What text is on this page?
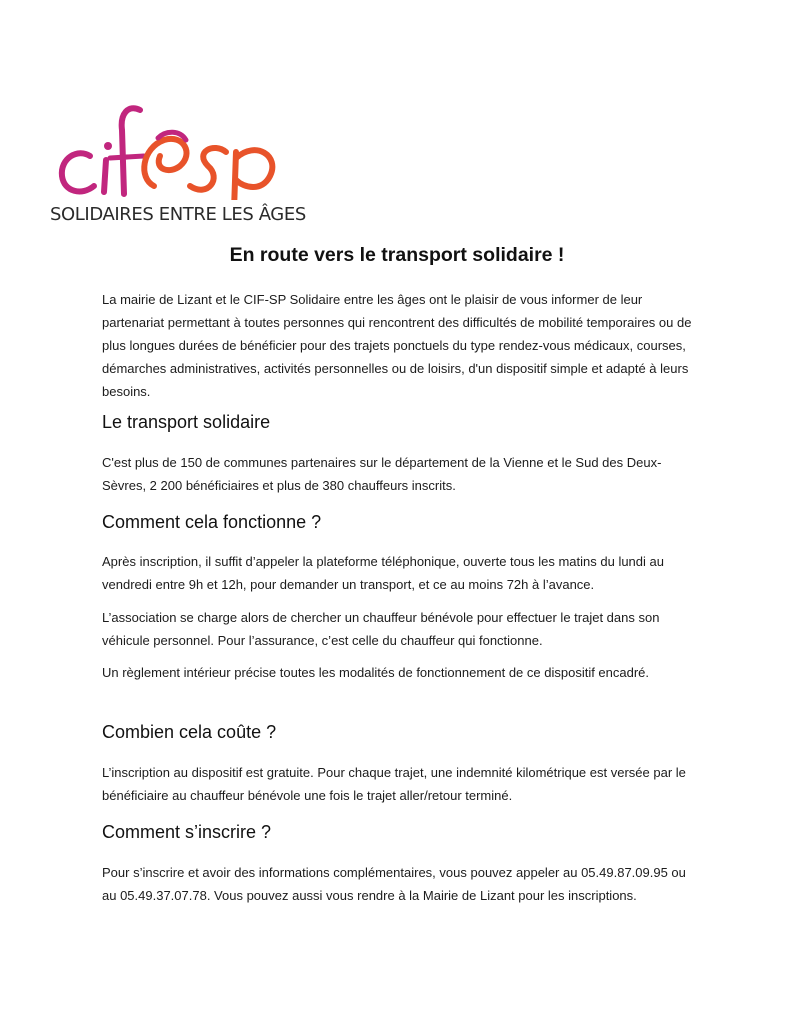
SOLIDAIRES ENTRE LES ÂGES
En route vers le transport solidaire !

La mairie de Lizant et le CIF-SP Solidaire entre les âges ont le plaisir de vous informer de leur partenariat permettant à toutes personnes qui rencontrent des difficultés de mobilité temporaires ou de plus longues durées de bénéficier pour des trajets ponctuels du type rendez-vous médicaux, courses, démarches administratives, activités personnelles ou de loisirs, d'un dispositif simple et adapté à leurs besoins.

Le transport solidaire

C'est plus de 150 de communes partenaires sur le département de la Vienne et le Sud des Deux-Sèvres, 2 200 bénéficiaires et plus de 380 chauffeurs inscrits.

Comment cela fonctionne ?

Après inscription, il suffit d’appeler la plateforme téléphonique, ouverte tous les matins du lundi au vendredi entre 9h et 12h, pour demander un transport, et ce au moins 72h à l’avance.

L’association se charge alors de chercher un chauffeur bénévole pour effectuer le trajet dans son véhicule personnel. Pour l’assurance, c’est celle du chauffeur qui fonctionne.

Un règlement intérieur précise toutes les modalités de fonctionnement de ce dispositif encadré.

Combien cela coûte ?

L’inscription au dispositif est gratuite. Pour chaque trajet, une indemnité kilométrique est versée par le bénéficiaire au chauffeur bénévole une fois le trajet aller/retour terminé.

Comment s’inscrire ?

Pour s’inscrire et avoir des informations complémentaires, vous pouvez appeler au 05.49.87.09.95 ou au 05.49.37.07.78. Vous pouvez aussi vous rendre à la Mairie de Lizant pour les inscriptions.
